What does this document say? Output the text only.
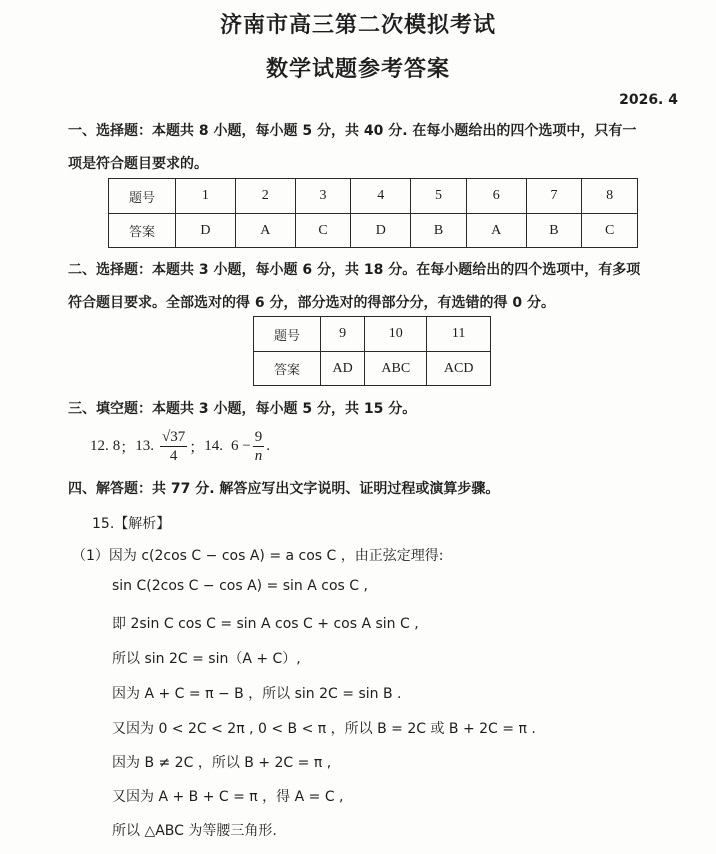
济南市高三第二次模拟考试
数学试题参考答案
2026. 4
一、选择题：本题共 8 小题，每小题 5 分，共 40 分. 在每小题给出的四个选项中，只有一
项是符合题目要求的。
题号	1	2	3	4	5	6	7	8
答案	D	A	C	D	B	A	B	C
二、选择题：本题共 3 小题，每小题 6 分，共 18 分。在每小题给出的四个选项中，有多项
符合题目要求。全部选对的得 6 分，部分选对的得部分分，有选错的得 0 分。
题号	9	10	11
答案	AD	ABC	ACD
三、填空题：本题共 3 小题，每小题 5 分，共 15 分。
12. 8 ； 13. $\frac{√37}{4}$ ； 14. $6 - \frac{9}{n}$ .
四、解答题：共 77 分. 解答应写出文字说明、证明过程或演算步骤。
15.【解析】
（1）因为 c(2cos C − cos A) = a cos C ，由正弦定理得:
sin C(2cos C − cos A) = sin A cos C ,
即 2sin C cos C = sin A cos C + cos A sin C ,
所以 sin 2C = sin（A + C）,
因为 A + C = π − B ，所以 sin 2C = sin B .
又因为 0 < 2C < 2π , 0 < B < π ，所以 B = 2C 或 B + 2C = π .
因为 B ≠ 2C ，所以 B + 2C = π ,
又因为 A + B + C = π ，得 A = C ,
所以 △ABC 为等腰三角形.
